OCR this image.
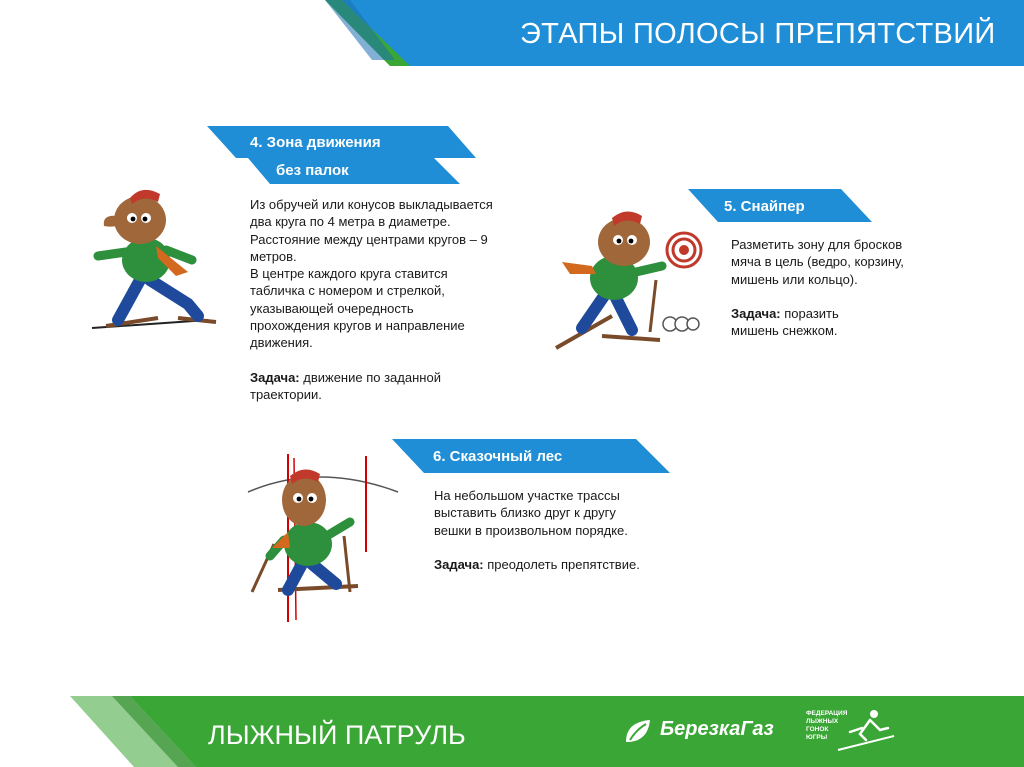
ЭТАПЫ ПОЛОСЫ ПРЕПЯТСТВИЙ
4. Зона движения
без палок
5. Снайпер
6. Сказочный лес
Из обручей или конусов выкладывается
два круга по 4 метра в диаметре.
Расстояние между центрами кругов – 9
метров.
В центре каждого круга ставится
табличка с номером и стрелкой,
указывающей очередность
прохождения кругов и направление
движения.
Задача: движение по заданной
траектории.
Разметить зону для бросков
мяча в цель (ведро, корзину,
мишень или кольцо).
Задача: поразить
мишень снежком.
На небольшом участке трассы
выставить близко друг к другу
вешки в произвольном порядке.
Задача: преодолеть препятствие.
ЛЫЖНЫЙ ПАТРУЛЬ	БерезкаГаз
ФЕДЕРАЦИЯ
ЛЫЖНЫХ
ГОНОК
ЮГРЫ
